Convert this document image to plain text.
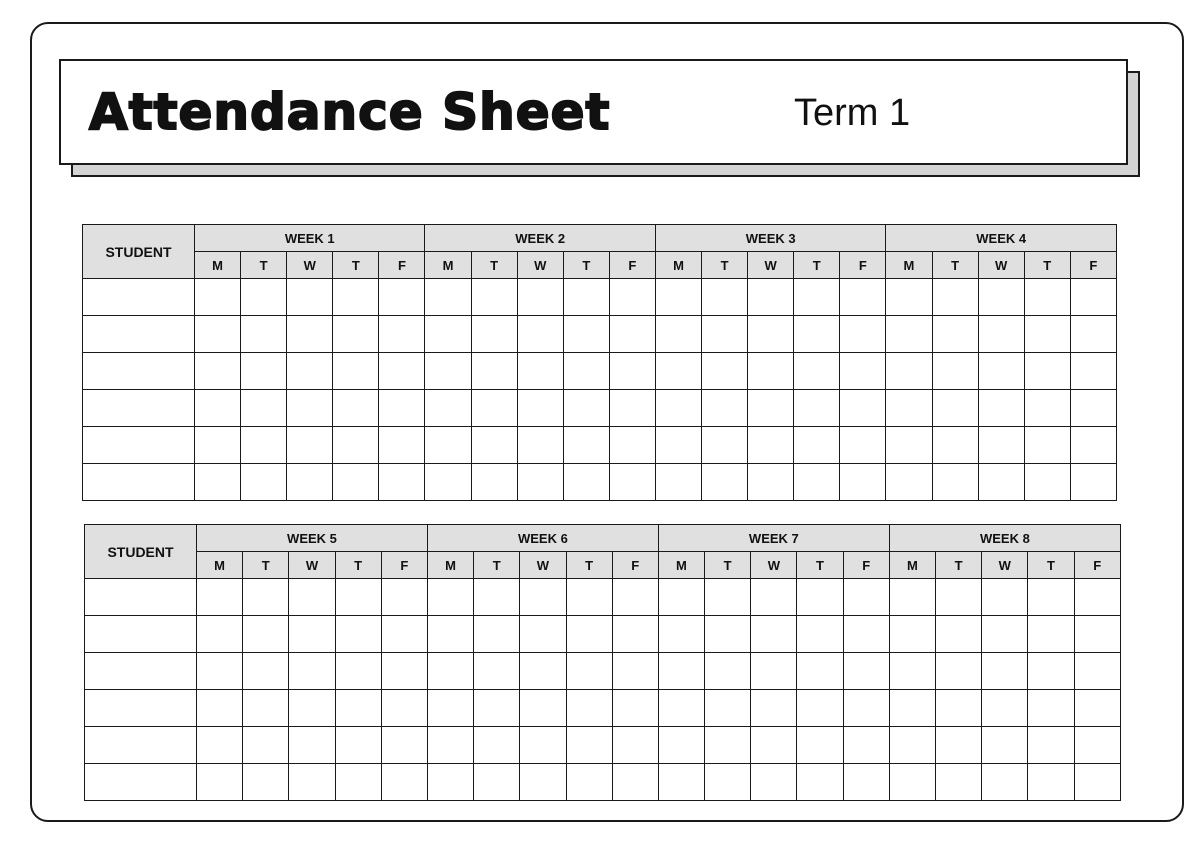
Attendance Sheet	Term 1
STUDENT	WEEK 1					WEEK 2					WEEK 3					WEEK 4				
	M	T	W	T	F	M	T	W	T	F	M	T	W	T	F	M	T	W	T	F

STUDENT	WEEK 5					WEEK 6					WEEK 7					WEEK 8				
	M	T	W	T	F	M	T	W	T	F	M	T	W	T	F	M	T	W	T	F
